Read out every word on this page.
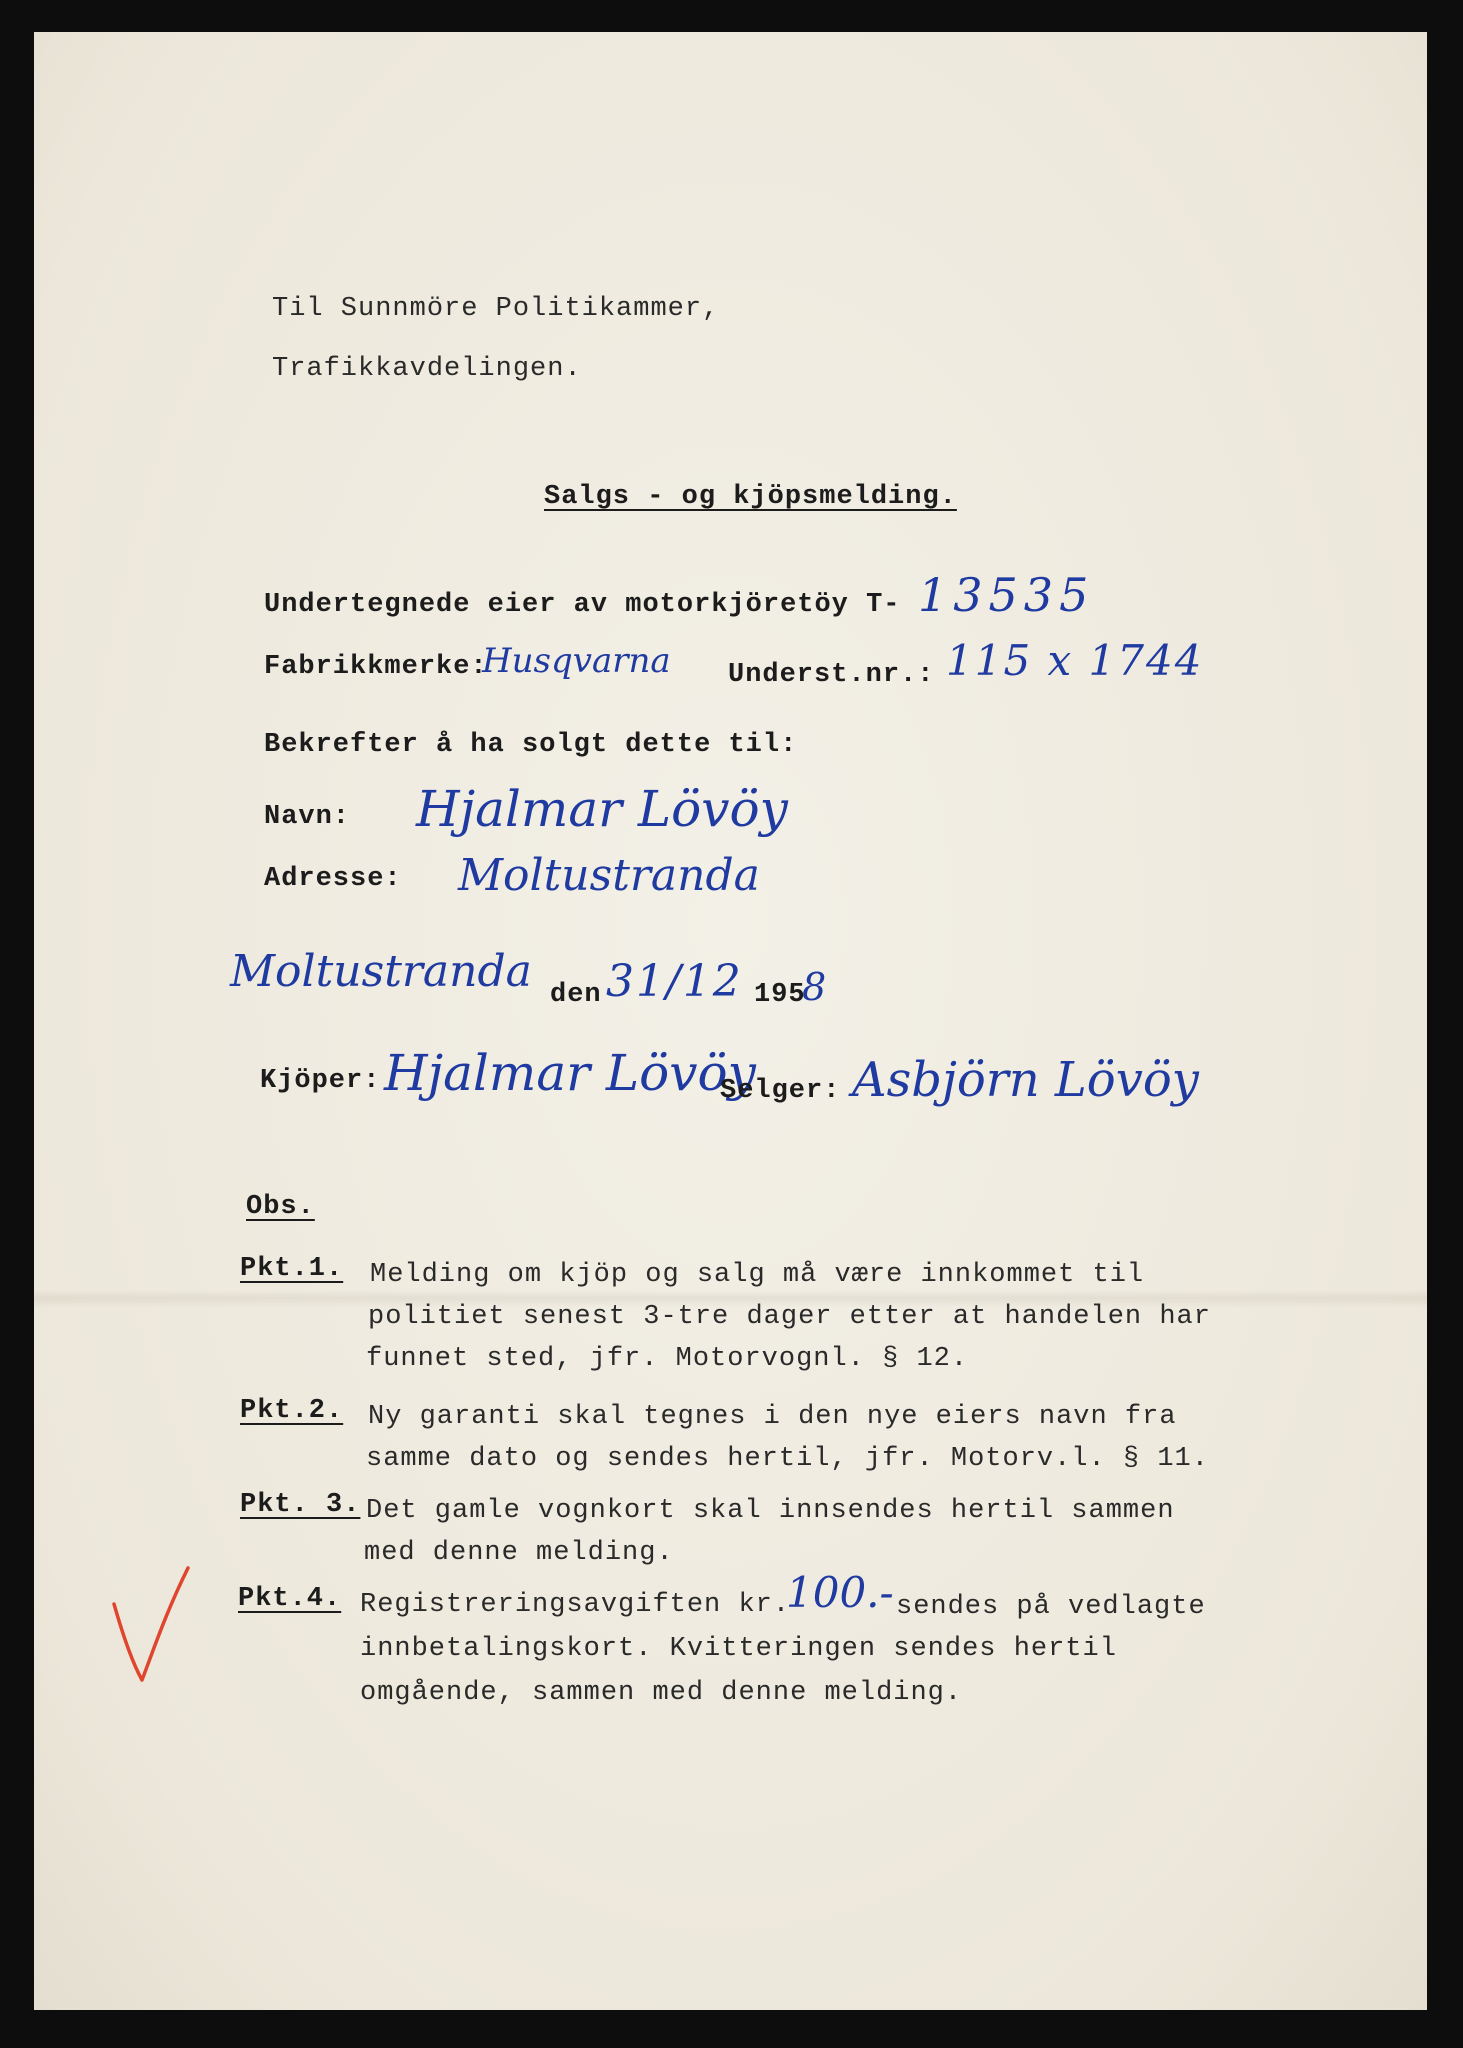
Til Sunnmöre Politikammer,
Trafikkavdelingen.
Salgs - og kjöpsmelding.
Undertegnede eier av motorkjöretöy T- 13535
Fabrikkmerke:
Husqvarna Underst.nr.: 115 x 1744
Bekrefter å ha solgt dette til:
Navn: Hjalmar Lövöy
Adresse: Moltustranda
Moltustranda den 31/12 195
8
Kjöper: Hjalmar Lövöy
Selger: Asbjörn Lövöy
Obs.
Pkt.1. Melding om kjöp og salg må være innkommet til
politiet senest 3-tre dager etter at handelen har
funnet sted, jfr. Motorvognl. § 12.
Pkt.2. Ny garanti skal tegnes i den nye eiers navn fra
samme dato og sendes hertil, jfr. Motorv.l. § 11.
Pkt. 3. Det gamle vognkort skal innsendes hertil sammen
med denne melding.
Pkt.4. Registreringsavgiften kr.
100.- sendes på vedlagte
innbetalingskort. Kvitteringen sendes hertil
omgående, sammen med denne melding.
